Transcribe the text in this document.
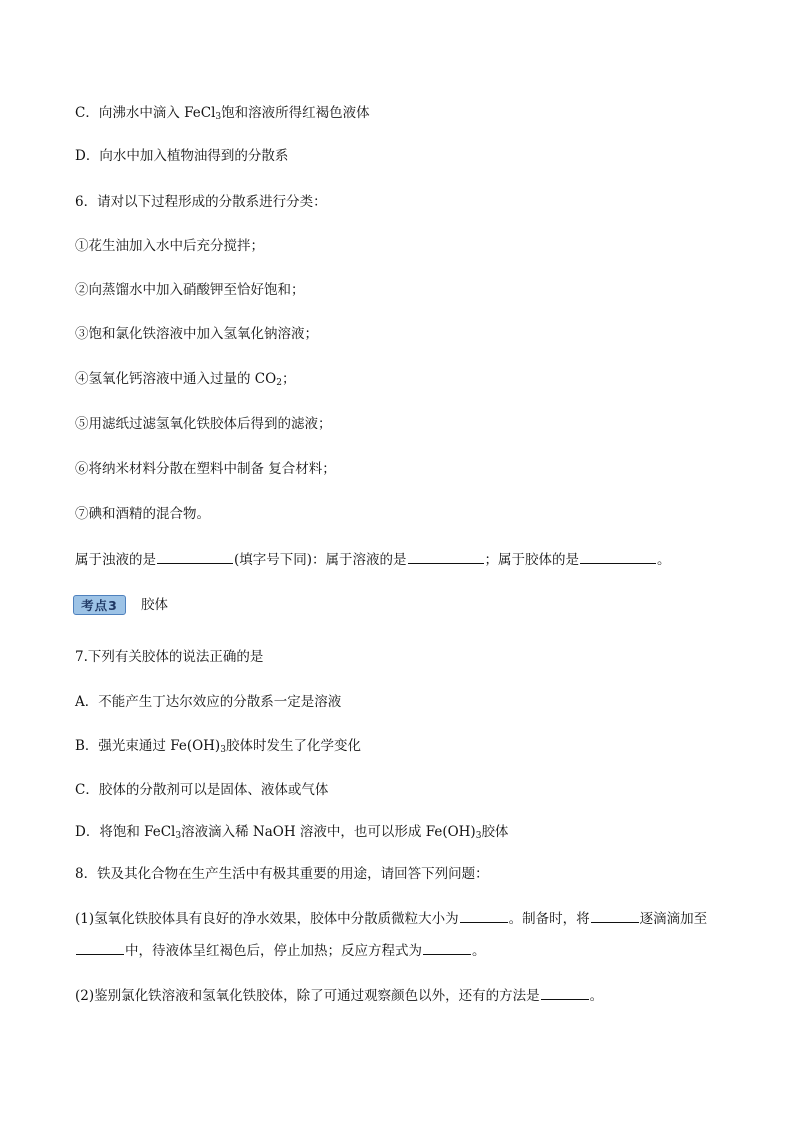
C．向沸水中滴入 FeCl$_3$饱和溶液所得红褐色液体
D．向水中加入植物油得到的分散系
6．请对以下过程形成的分散系进行分类：
①花生油加入水中后充分搅拌；
②向蒸馏水中加入硝酸钾至恰好饱和；
③饱和氯化铁溶液中加入氢氧化钠溶液；
④氢氧化钙溶液中通入过量的 $CO_2$；
⑤用滤纸过滤氢氧化铁胶体后得到的滤液；
⑥将纳米材料分散在塑料中制备 复合材料；
⑦碘和酒精的混合物。
属于浊液的是	(填字号下同)：属于溶液的是	；属于胶体的是	。
考点3	胶体
7.下列有关胶体的说法正确的是
A．不能产生丁达尔效应的分散系一定是溶液
B．强光束通过 $Fe(OH)_3$胶体时发生了化学变化
C．胶体的分散剂可以是固体、液体或气体
D．将饱和 FeCl$_3$溶液滴入稀 NaOH 溶液中，也可以形成 $Fe(OH)_3$胶体
8．铁及其化合物在生产生活中有极其重要的用途，请回答下列问题：
(1)氢氧化铁胶体具有良好的净水效果，胶体中分散质微粒大小为	。制备时，将	逐滴滴加至
中，待液体呈红褐色后，停止加热；反应方程式为	。
(2)鉴别氯化铁溶液和氢氧化铁胶体，除了可通过观察颜色以外，还有的方法是	。
